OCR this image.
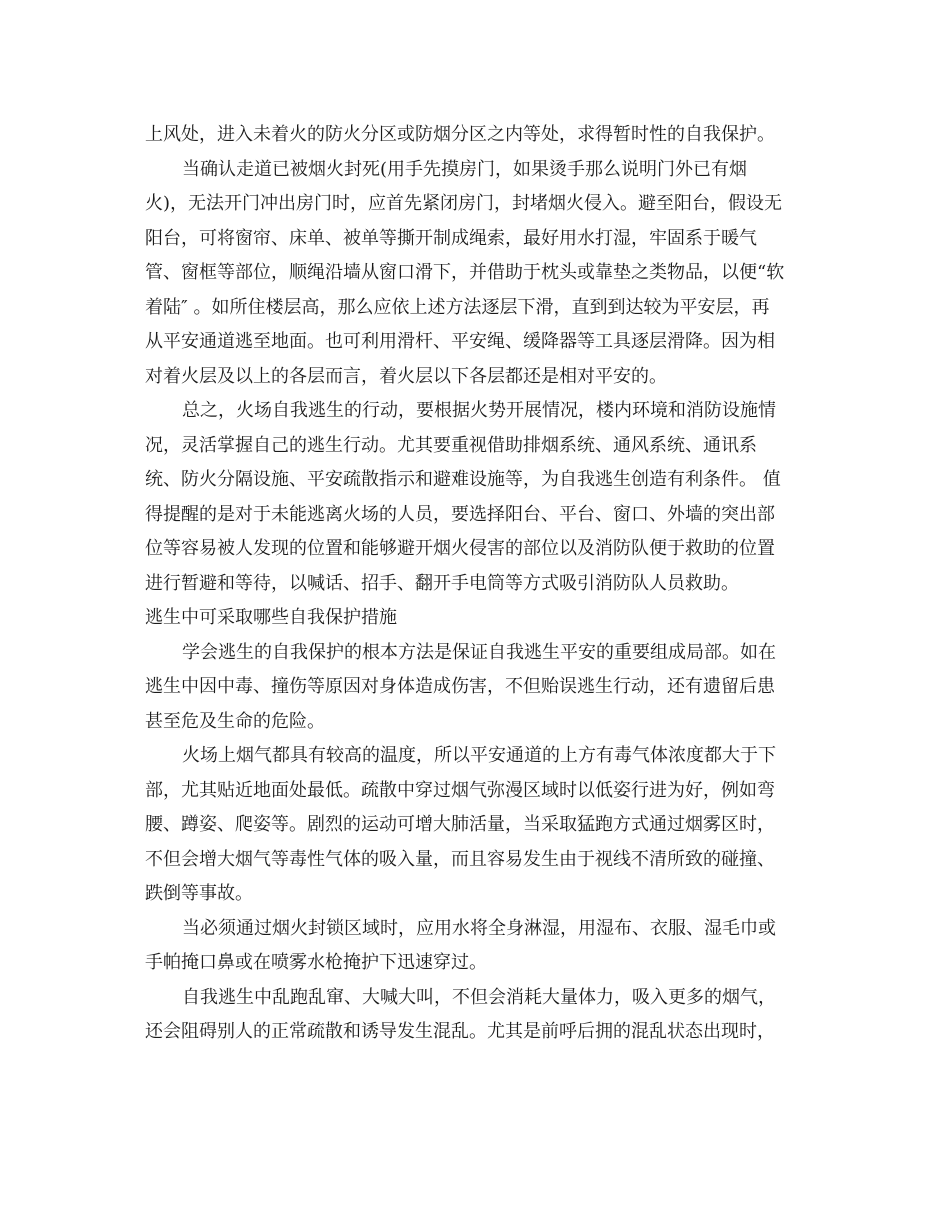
上风处，进入未着火的防火分区或防烟分区之内等处，求得暂时性的自我保护。
当确认走道已被烟火封死(用手先摸房门，如果烫手那么说明门外已有烟
火)，无法开门冲出房门时，应首先紧闭房门，封堵烟火侵入。避至阳台，假设无
阳台，可将窗帘、床单、被单等撕开制成绳索，最好用水打湿，牢固系于暖气
管、窗框等部位，顺绳沿墙从窗口滑下，并借助于枕头或靠垫之类物品，以便“软
着陆″ 。如所住楼层高，那么应依上述方法逐层下滑，直到到达较为平安层，再
从平安通道逃至地面。也可利用滑杆、平安绳、缓降器等工具逐层滑降。因为相
对着火层及以上的各层而言，着火层以下各层都还是相对平安的。
总之，火场自我逃生的行动，要根据火势开展情况，楼内环境和消防设施情
况，灵活掌握自己的逃生行动。尤其要重视借助排烟系统、通风系统、通讯系
统、防火分隔设施、平安疏散指示和避难设施等，为自我逃生创造有利条件。 值
得提醒的是对于未能逃离火场的人员，要选择阳台、平台、窗口、外墙的突出部
位等容易被人发现的位置和能够避开烟火侵害的部位以及消防队便于救助的位置
进行暂避和等待，以喊话、招手、翻开手电筒等方式吸引消防队人员救助。
逃生中可采取哪些自我保护措施
学会逃生的自我保护的根本方法是保证自我逃生平安的重要组成局部。如在
逃生中因中毒、撞伤等原因对身体造成伤害，不但贻误逃生行动，还有遗留后患
甚至危及生命的危险。
火场上烟气都具有较高的温度，所以平安通道的上方有毒气体浓度都大于下
部，尤其贴近地面处最低。疏散中穿过烟气弥漫区域时以低姿行进为好，例如弯
腰、蹲姿、爬姿等。剧烈的运动可增大肺活量，当采取猛跑方式通过烟雾区时，
不但会增大烟气等毒性气体的吸入量，而且容易发生由于视线不清所致的碰撞、
跌倒等事故。
当必须通过烟火封锁区域时，应用水将全身淋湿，用湿布、衣服、湿毛巾或
手帕掩口鼻或在喷雾水枪掩护下迅速穿过。
自我逃生中乱跑乱窜、大喊大叫，不但会消耗大量体力，吸入更多的烟气，
还会阻碍别人的正常疏散和诱导发生混乱。尤其是前呼后拥的混乱状态出现时，
